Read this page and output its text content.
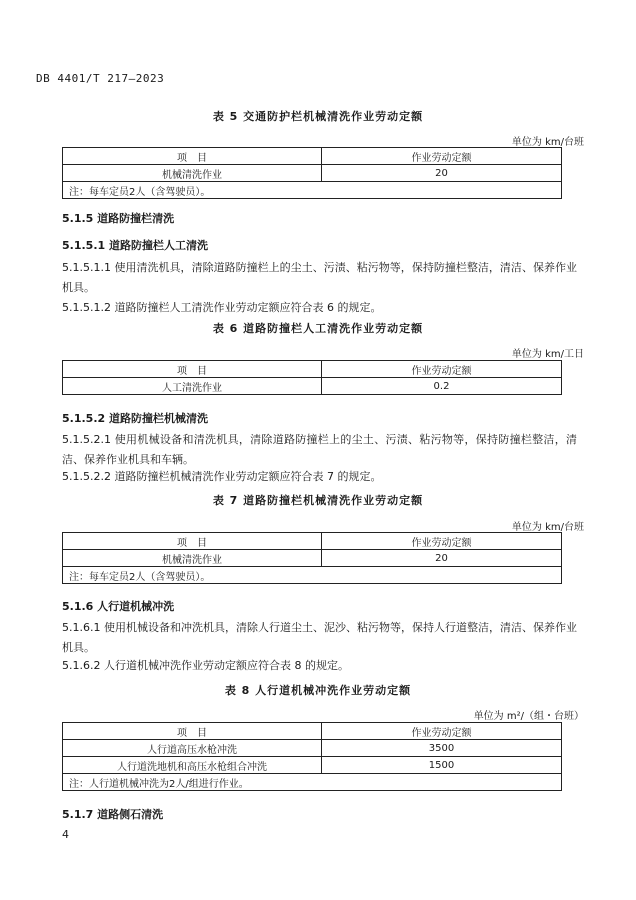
DB 4401/T 217—2023
表 5 交通防护栏机械清洗作业劳动定额
单位为 km/台班
项　目	作业劳动定额
机械清洗作业	20
注：每车定员2人（含驾驶员）。	
5.1.5 道路防撞栏清洗
5.1.5.1 道路防撞栏人工清洗
5.1.5.1.1 使用清洗机具，清除道路防撞栏上的尘土、污渍、粘污物等，保持防撞栏整洁，清洁、保养作业机具。
5.1.5.1.2 道路防撞栏人工清洗作业劳动定额应符合表 6 的规定。
表 6 道路防撞栏人工清洗作业劳动定额
单位为 km/工日
项　目	作业劳动定额
人工清洗作业	0.2
5.1.5.2 道路防撞栏机械清洗
5.1.5.2.1 使用机械设备和清洗机具，清除道路防撞栏上的尘土、污渍、粘污物等，保持防撞栏整洁，清洁、保养作业机具和车辆。
5.1.5.2.2 道路防撞栏机械清洗作业劳动定额应符合表 7 的规定。
表 7 道路防撞栏机械清洗作业劳动定额
单位为 km/台班
项　目	作业劳动定额
机械清洗作业	20
注：每车定员2人（含驾驶员）。	
5.1.6 人行道机械冲洗
5.1.6.1 使用机械设备和冲洗机具，清除人行道尘土、泥沙、粘污物等，保持人行道整洁，清洁、保养作业机具。
5.1.6.2 人行道机械冲洗作业劳动定额应符合表 8 的规定。
表 8 人行道机械冲洗作业劳动定额
单位为 m²/（组・台班）
项　目	作业劳动定额
人行道高压水枪冲洗	3500
人行道洗地机和高压水枪组合冲洗	1500
注：人行道机械冲洗为2人/组进行作业。	
5.1.7 道路侧石清洗
4
